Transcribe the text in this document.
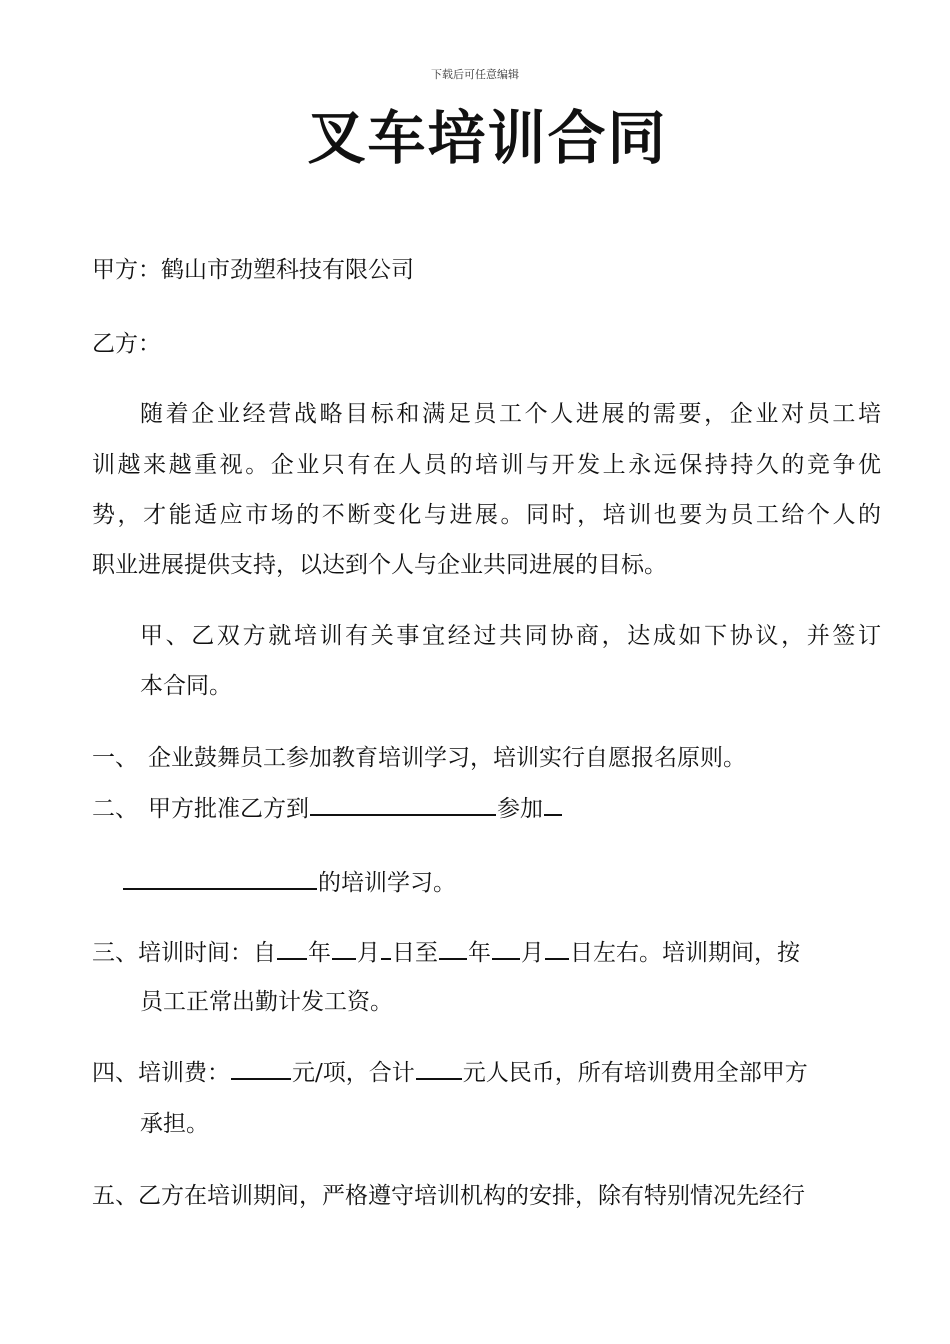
下载后可任意编辑
叉车培训合同
甲方：鹤山市劲塑科技有限公司
乙方：
随着企业经营战略目标和满足员工个人进展的需要，企业对员工培
训越来越重视。企业只有在人员的培训与开发上永远保持持久的竞争优
势，才能适应市场的不断变化与进展。同时，培训也要为员工给个人的
职业进展提供支持，以达到个人与企业共同进展的目标。
甲、乙双方就培训有关事宜经过共同协商，达成如下协议，并签订
本合同。
一、 企业鼓舞员工参加教育培训学习，培训实行自愿报名原则。
二、 甲方批准乙方到	参加
的培训学习。
三、培训时间：自 年 月 日至 年 月 日左右。培训期间，按
员工正常出勤计发工资。
四、培训费：	元/项，合计 元人民币，所有培训费用全部甲方
承担。
五、乙方在培训期间，严格遵守培训机构的安排，除有特别情况先经行
